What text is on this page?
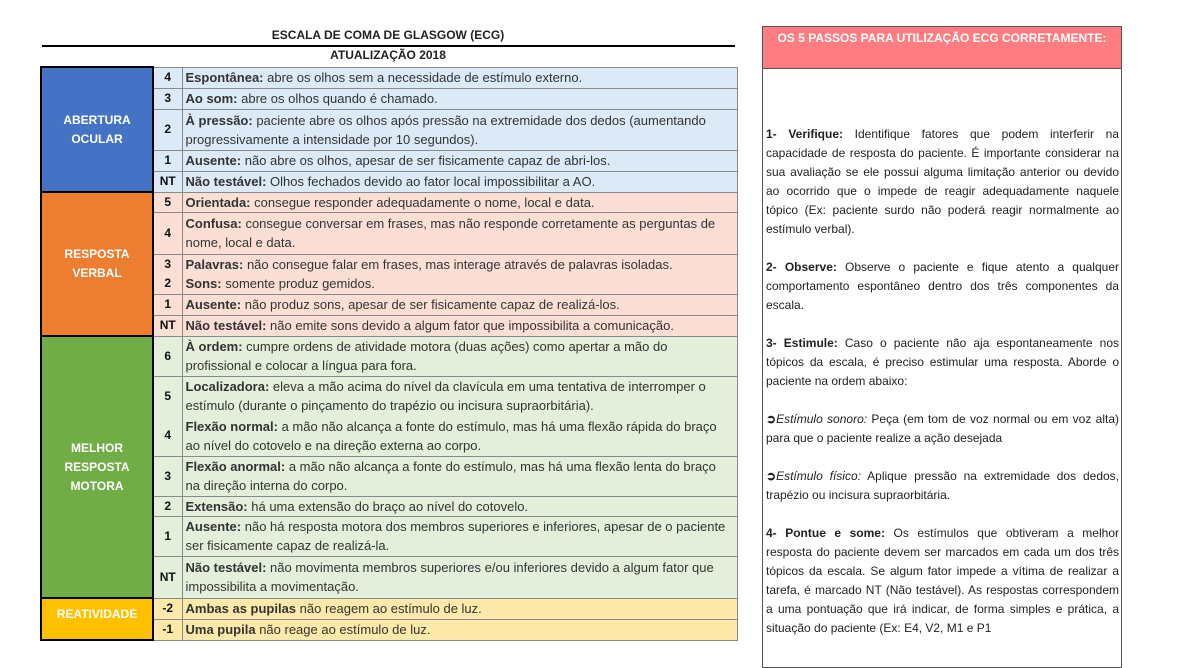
ESCALA DE COMA DE GLASGOW (ECG)
ATUALIZAÇÃO 2018
ABERTURA OCULAR	4	Espontânea: abre os olhos sem a necessidade de estímulo externo.
	3	Ao som: abre os olhos quando é chamado.
	2	À pressão: paciente abre os olhos após pressão na extremidade dos dedos (aumentando progressivamente a intensidade por 10 segundos).
	1	Ausente: não abre os olhos, apesar de ser fisicamente capaz de abri-los.
	NT	Não testável: Olhos fechados devido ao fator local impossibilitar a AO.
RESPOSTA VERBAL	5	Orientada: consegue responder adequadamente o nome, local e data.
	4	Confusa: consegue conversar em frases, mas não responde corretamente as perguntas de nome, local e data.
	3	Palavras: não consegue falar em frases, mas interage através de palavras isoladas.
	2	Sons: somente produz gemidos.
	1	Ausente: não produz sons, apesar de ser fisicamente capaz de realizá-los.
	NT	Não testável: não emite sons devido a algum fator que impossibilita a comunicação.
MELHOR RESPOSTA MOTORA	6	À ordem: cumpre ordens de atividade motora (duas ações) como apertar a mão do profissional e colocar a língua para fora.
	5	Localizadora: eleva a mão acima do nível da clavícula em uma tentativa de interromper o estímulo (durante o pinçamento do trapézio ou incisura supraorbitária).
	4	Flexão normal: a mão não alcança a fonte do estímulo, mas há uma flexão rápida do braço ao nível do cotovelo e na direção externa ao corpo.
	3	Flexão anormal: a mão não alcança a fonte do estímulo, mas há uma flexão lenta do braço na direção interna do corpo.
	2	Extensão: há uma extensão do braço ao nível do cotovelo.
	1	Ausente: não há resposta motora dos membros superiores e inferiores, apesar de o paciente ser fisicamente capaz de realizá-la.
	NT	Não testável: não movimenta membros superiores e/ou inferiores devido a algum fator que impossibilita a movimentação.
REATIVIDADE	-2	Ambas as pupilas não reagem ao estímulo de luz.
	-1	Uma pupila não reage ao estímulo de luz.
OS 5 PASSOS PARA UTILIZAÇÃO ECG CORRETAMENTE:

1- Verifique: Identifique fatores que podem interferir na capacidade de resposta do paciente. É importante considerar na sua avaliação se ele possui alguma limitação anterior ou devido ao ocorrido que o impede de reagir adequadamente naquele tópico (Ex: paciente surdo não poderá reagir normalmente ao estímulo verbal).

2- Observe: Observe o paciente e fique atento a qualquer comportamento espontâneo dentro dos três componentes da escala.

3- Estimule: Caso o paciente não aja espontaneamente nos tópicos da escala, é preciso estimular uma resposta. Aborde o paciente na ordem abaixo:

➲Estímulo sonoro: Peça (em tom de voz normal ou em voz alta) para que o paciente realize a ação desejada

➲Estímulo físico: Aplique pressão na extremidade dos dedos, trapézio ou incisura supraorbitária.

4- Pontue e some: Os estímulos que obtiveram a melhor resposta do paciente devem ser marcados em cada um dos três tópicos da escala. Se algum fator impede a vítima de realizar a tarefa, é marcado NT (Não testável). As respostas correspondem a uma pontuação que irá indicar, de forma simples e prática, a situação do paciente (Ex: E4, V2, M1 e P1
